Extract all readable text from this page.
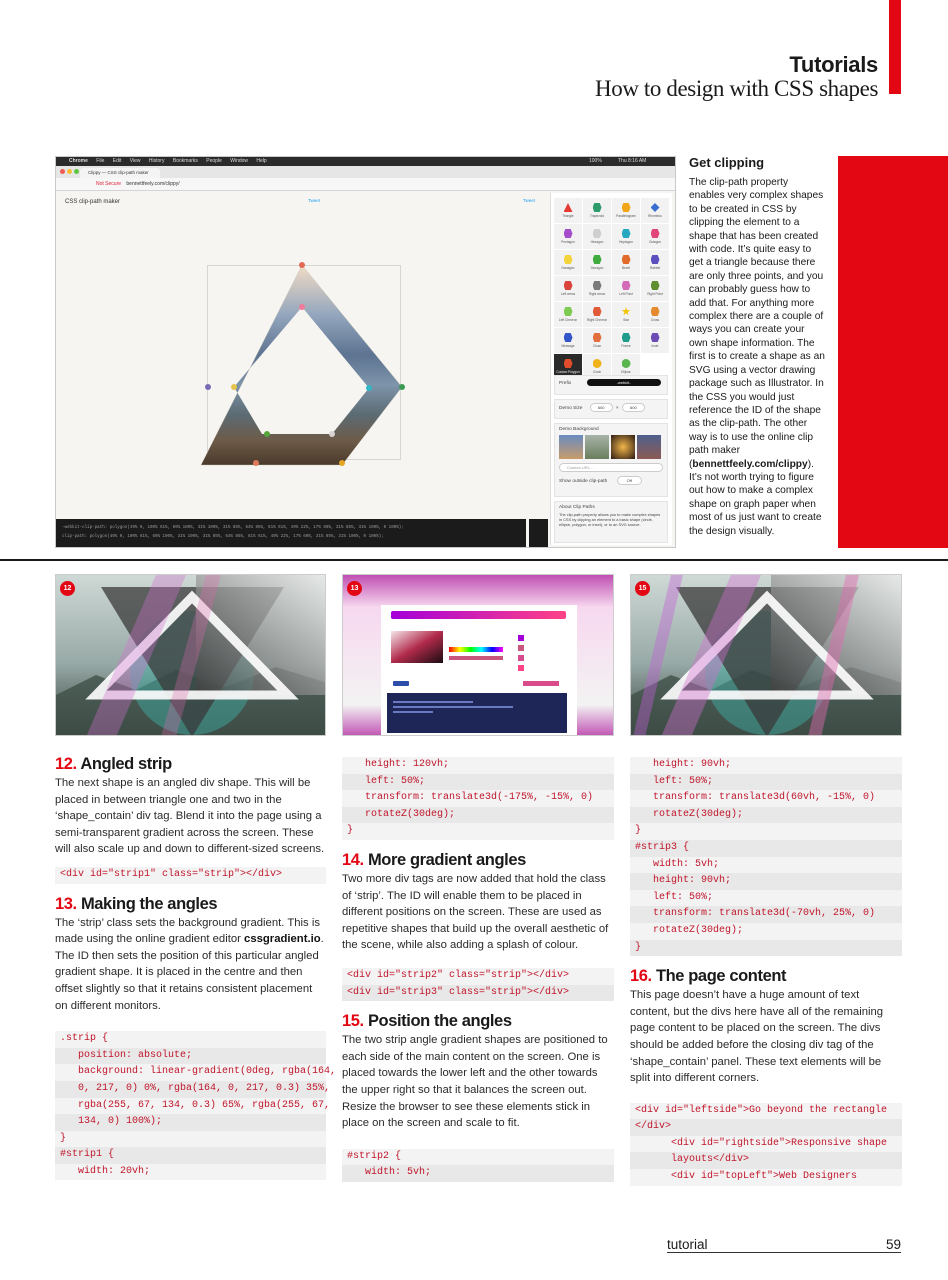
Tutorials
How to design with CSS shapes
Chrome File Edit View History Bookmarks People Window Help	100%	Thu 8:16 AM
Clippy — CSS clip-path maker
Not Secure bennettfeely.com/clippy/
CSS clip-path maker	Tweet	Tweet
-webkit-clip-path: polygon(49% 0, 100% 61%, 69% 100%, 31% 100%, 31% 85%, 64% 85%, 81% 61%, 49% 22%, 17% 60%, 31% 85%, 31% 100%, 0 100%);
clip-path: polygon(49% 0, 100% 61%, 69% 100%, 31% 100%, 31% 85%, 64% 85%, 81% 61%, 49% 22%, 17% 60%, 31% 85%, 31% 100%, 0 100%);
Triangle	Trapezoid	Parallelogram	Rhombus
Pentagon	Hexagon	Heptagon	Octagon
Nonagon	Decagon	Bevel	Rabbet
Left arrow	Right arrow	Left Point	Right Point
Left Chevron	Right Chevron	Star	Cross
Message	Close	Frame	Inset
Custom Polygon	Circle	Ellipse
Prefix	-webkit-
Demo Size	600 ×	600
Demo Background
Custom URL...
Show outside clip-path	Off
About Clip Paths
The clip-path property allows you to make complex shapes in CSS by clipping an element to a basic shape (circle, ellipse, polygon, or inset), or to an SVG source.
Get clipping
The clip-path property enables very complex shapes to be created in CSS by clipping the element to a shape that has been created with code. It’s quite easy to get a triangle because there are only three points, and you can probably guess how to add that. For anything more complex there are a couple of ways you can create your own shape information. The first is to create a shape as an SVG using a vector drawing package such as Illustrator. In the CSS you would just reference the ID of the shape as the clip-path. The other way is to use the online clip path maker (bennettfeely.com/clippy). It’s not worth trying to figure out how to make a complex shape on graph paper when most of us just want to create the design visually.
12	13	15
12. Angled strip
The next shape is an angled div shape. This will be placed in between triangle one and two in the ‘shape_contain’ div tag. Blend it into the page using a semi-transparent gradient across the screen. These will also scale up and down to different-sized screens.
<div id="strip1" class="strip"></div>
13. Making the angles
The ‘strip’ class sets the background gradient. This is made using the online gradient editor cssgradient.io. The ID then sets the position of this particular angled gradient shape. It is placed in the centre and then offset slightly so that it retains consistent placement on different monitors.
.strip {
position: absolute;
background: linear-gradient(0deg, rgba(164,
0, 217, 0) 0%, rgba(164, 0, 217, 0.3) 35%,
rgba(255, 67, 134, 0.3) 65%, rgba(255, 67,
134, 0) 100%);
}
#strip1 {
width: 20vh;
height: 120vh;
left: 50%;
transform: translate3d(-175%, -15%, 0)
rotateZ(30deg);
}
14. More gradient angles
Two more div tags are now added that hold the class of ‘strip’. The ID will enable them to be placed in different positions on the screen. These are used as repetitive shapes that build up the overall aesthetic of the scene, while also adding a splash of colour.
<div id="strip2" class="strip"></div>
<div id="strip3" class="strip"></div>
15. Position the angles
The two strip angle gradient shapes are positioned to each side of the main content on the screen. One is placed towards the lower left and the other towards the upper right so that it balances the screen out. Resize the browser to see these elements stick in place on the screen and scale to fit.
#strip2 {
width: 5vh;
height: 90vh;
left: 50%;
transform: translate3d(60vh, -15%, 0)
rotateZ(30deg);
}
#strip3 {
width: 5vh;
height: 90vh;
left: 50%;
transform: translate3d(-70vh, 25%, 0)
rotateZ(30deg);
}
16. The page content
This page doesn’t have a huge amount of text content, but the divs here have all of the remaining page content to be placed on the screen. The divs should be added before the closing div tag of the ‘shape_contain’ panel. These text elements will be split into different corners.
<div id="leftside">Go beyond the rectangle
</div>
<div id="rightside">Responsive shape
layouts</div>
<div id="topLeft">Web Designers
tutorial	59
